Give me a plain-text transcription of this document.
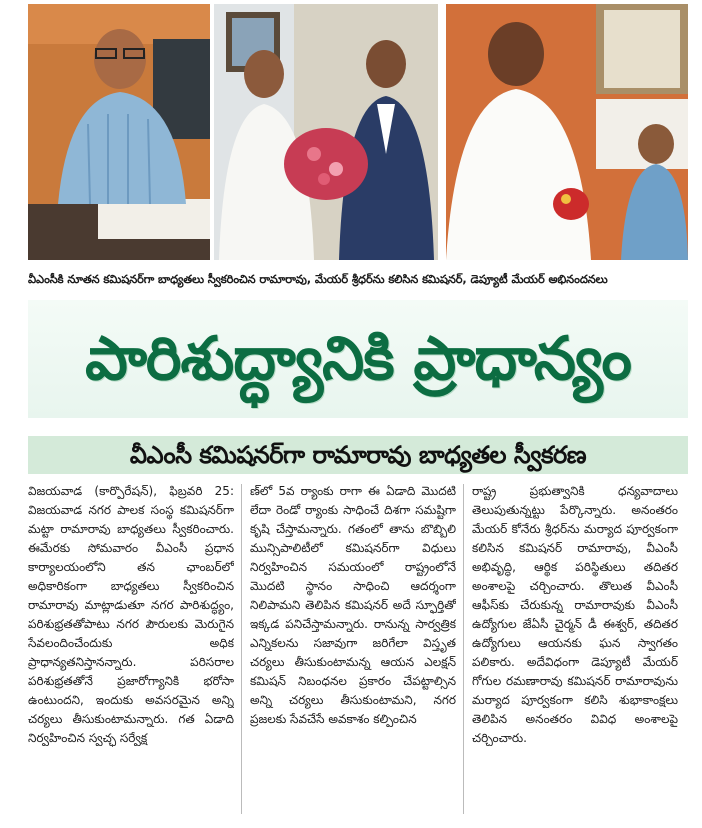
వీఎంసీకి నూతన కమిషనర్‌గా బాధ్యతలు స్వీకరించిన రామారావు, మేయర్ శ్రీధర్‌ను కలిసిన కమిషనర్, డెప్యూటీ మేయర్ అభినందనలు
పారిశుద్ధ్యానికి ప్రాధాన్యం
వీఎంసీ కమిషనర్‌గా రామారావు బాధ్యతల స్వీకరణ
విజయవాడ (కార్పొరేషన్), ఫిబ్రవరి 25: విజయవాడ నగర పాలక సంస్థ కమిషనర్‌గా మట్టా రామారావు బాధ్యతలు స్వీకరించారు. ఈమేరకు సోమవారం వీఎంసీ ప్రధాన కార్యాలయంలోని తన ఛాంబర్‌లో అధికారికంగా బాధ్యతలు స్వీకరించిన రామారావు మాట్లాడుతూ నగర పారిశుద్ధ్యం, పరిశుభ్రతతోపాటు నగర పౌరులకు మెరుగైన సేవలందించేందుకు అధిక ప్రాధాన్యతనిస్తానన్నారు. పరిసరాల పరిశుభ్రతతోనే ప్రజారోగ్యానికి భరోసా ఉంటుందని, ఇందుకు అవసరమైన అన్ని చర్యలు తీసుకుంటామన్నారు. గత ఏడాది నిర్వహించిన స్వచ్ఛ సర్వేక్ష
ణ్‌లో 5వ ర్యాంకు రాగా ఈ ఏడాది మొదటి లేదా రెండో ర్యాంకు సాధించే దిశగా సమష్టిగా కృషి చేస్తామన్నారు. గతంలో తాను బొబ్బిలి మున్సిపాలిటీలో కమిషనర్‌గా విధులు నిర్వహించిన సమయంలో రాష్ట్రంలోనే మొదటి స్థానం సాధించి ఆదర్శంగా నిలిపామని తెలిపిన కమిషనర్ అదే స్ఫూర్తితో ఇక్కడ పనిచేస్తామన్నారు. రానున్న సార్వత్రిక ఎన్నికలను సజావుగా జరిగేలా విస్తృత చర్యలు తీసుకుంటామన్న ఆయన ఎలక్షన్ కమిషన్ నిబంధనల ప్రకారం చేపట్టాల్సిన అన్ని చర్యలు తీసుకుంటామని, నగర ప్రజలకు సేవచేసే అవకాశం కల్పించిన
రాష్ట్ర ప్రభుత్వానికి ధన్యవాదాలు తెలుపుతున్నట్టు పేర్కొన్నారు. అనంతరం మేయర్ కోనేరు శ్రీధర్‌ను మర్యాద పూర్వకంగా కలిసిన కమిషనర్ రామారావు, వీఎంసీ అభివృద్ధి, ఆర్థిక పరిస్థితులు తదితర అంశాలపై చర్చించారు. తొలుత వీఎంసీ ఆఫీస్‌కు చేరుకున్న రామారావుకు వీఎంసీ ఉద్యోగుల జేఏసీ చైర్మన్ డీ ఈశ్వర్, తదితర ఉద్యోగులు ఆయనకు ఘన స్వాగతం పలికారు. అదేవిధంగా డెప్యూటీ మేయర్ గోగుల రమణారావు కమిషనర్ రామారావును మర్యాద పూర్వకంగా కలిసి శుభాకాంక్షలు తెలిపిన అనంతరం వివిధ అంశాలపై చర్చించారు.
